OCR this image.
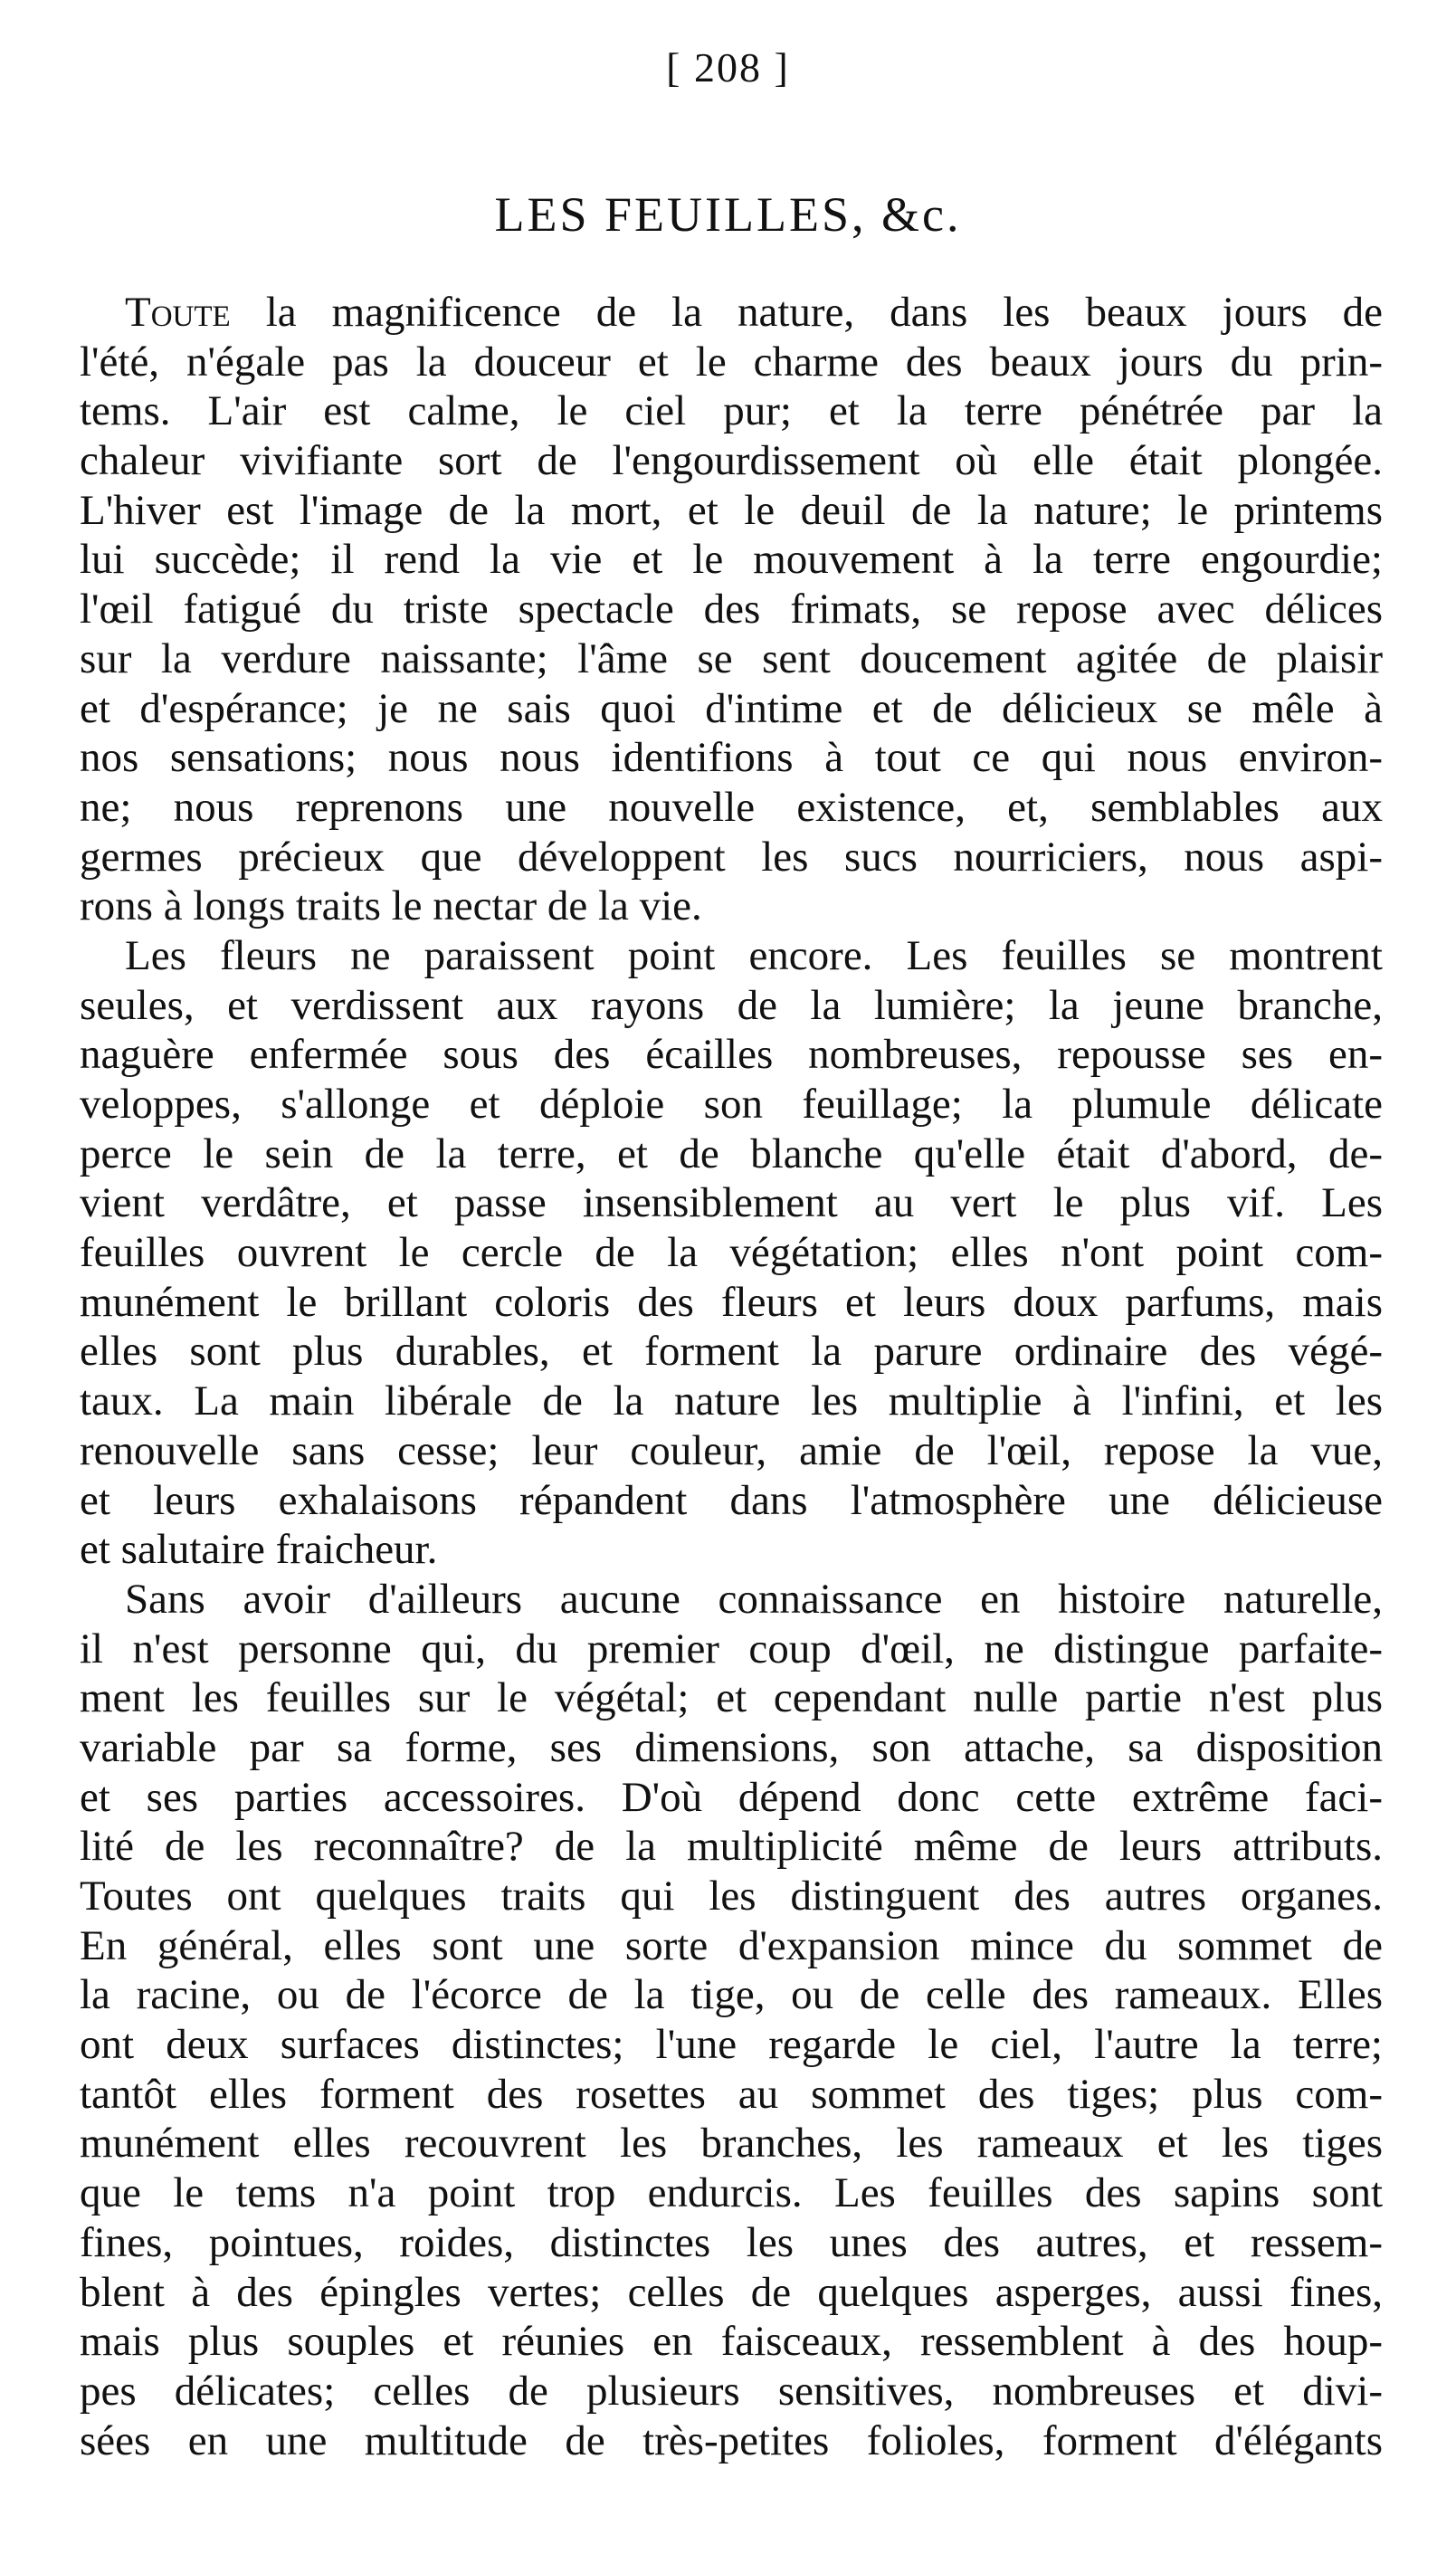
[ 208 ]
LES FEUILLES, &c.
Toute la magnificence de la nature, dans les beaux jours de
l'été, n'égale pas la douceur et le charme des beaux jours du prin-
tems. L'air est calme, le ciel pur; et la terre pénétrée par la
chaleur vivifiante sort de l'engourdissement où elle était plongée.
L'hiver est l'image de la mort, et le deuil de la nature; le printems
lui succède; il rend la vie et le mouvement à la terre engourdie;
l'œil fatigué du triste spectacle des frimats, se repose avec délices
sur la verdure naissante; l'âme se sent doucement agitée de plaisir
et d'espérance; je ne sais quoi d'intime et de délicieux se mêle à
nos sensations; nous nous identifions à tout ce qui nous environ-
ne; nous reprenons une nouvelle existence, et, semblables aux
germes précieux que développent les sucs nourriciers, nous aspi-
rons à longs traits le nectar de la vie.
Les fleurs ne paraissent point encore. Les feuilles se montrent
seules, et verdissent aux rayons de la lumière; la jeune branche,
naguère enfermée sous des écailles nombreuses, repousse ses en-
veloppes, s'allonge et déploie son feuillage; la plumule délicate
perce le sein de la terre, et de blanche qu'elle était d'abord, de-
vient verdâtre, et passe insensiblement au vert le plus vif. Les
feuilles ouvrent le cercle de la végétation; elles n'ont point com-
munément le brillant coloris des fleurs et leurs doux parfums, mais
elles sont plus durables, et forment la parure ordinaire des végé-
taux. La main libérale de la nature les multiplie à l'infini, et les
renouvelle sans cesse; leur couleur, amie de l'œil, repose la vue,
et leurs exhalaisons répandent dans l'atmosphère une délicieuse
et salutaire fraicheur.
Sans avoir d'ailleurs aucune connaissance en histoire naturelle,
il n'est personne qui, du premier coup d'œil, ne distingue parfaite-
ment les feuilles sur le végétal; et cependant nulle partie n'est plus
variable par sa forme, ses dimensions, son attache, sa disposition
et ses parties accessoires. D'où dépend donc cette extrême faci-
lité de les reconnaître? de la multiplicité même de leurs attributs.
Toutes ont quelques traits qui les distinguent des autres organes.
En général, elles sont une sorte d'expansion mince du sommet de
la racine, ou de l'écorce de la tige, ou de celle des rameaux. Elles
ont deux surfaces distinctes; l'une regarde le ciel, l'autre la terre;
tantôt elles forment des rosettes au sommet des tiges; plus com-
munément elles recouvrent les branches, les rameaux et les tiges
que le tems n'a point trop endurcis. Les feuilles des sapins sont
fines, pointues, roides, distinctes les unes des autres, et ressem-
blent à des épingles vertes; celles de quelques asperges, aussi fines,
mais plus souples et réunies en faisceaux, ressemblent à des houp-
pes délicates; celles de plusieurs sensitives, nombreuses et divi-
sées en une multitude de très-petites folioles, forment d'élégants
